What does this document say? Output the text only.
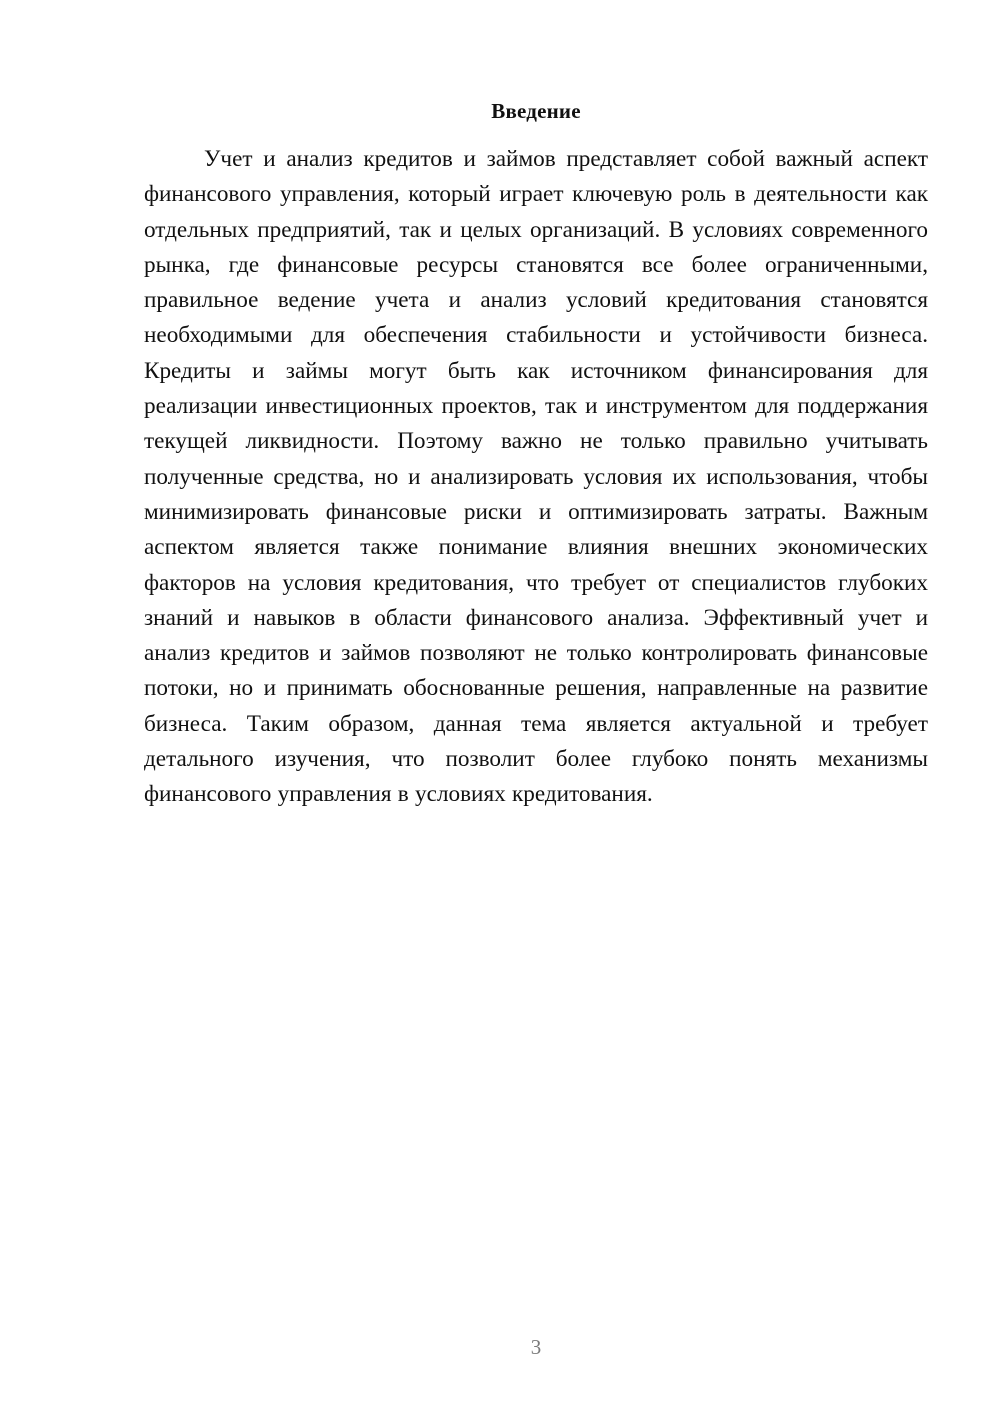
Введение

Учет и анализ кредитов и займов представляет собой важный аспект финансового управления, который играет ключевую роль в деятельности как отдельных предприятий, так и целых организаций. В условиях современного рынка, где финансовые ресурсы становятся все более ограниченными, правильное ведение учета и анализ условий кредитования становятся необходимыми для обеспечения стабильности и устойчивости бизнеса. Кредиты и займы могут быть как источником финансирования для реализации инвестиционных проектов, так и инструментом для поддержания текущей ликвидности. Поэтому важно не только правильно учитывать полученные средства, но и анализировать условия их использования, чтобы минимизировать финансовые риски и оптимизировать затраты. Важным аспектом является также понимание влияния внешних экономических факторов на условия кредитования, что требует от специалистов глубоких знаний и навыков в области финансового анализа. Эффективный учет и анализ кредитов и займов позволяют не только контролировать финансовые потоки, но и принимать обоснованные решения, направленные на развитие бизнеса. Таким образом, данная тема является актуальной и требует детального изучения, что позволит более глубоко понять механизмы финансового управления в условиях кредитования.

3
